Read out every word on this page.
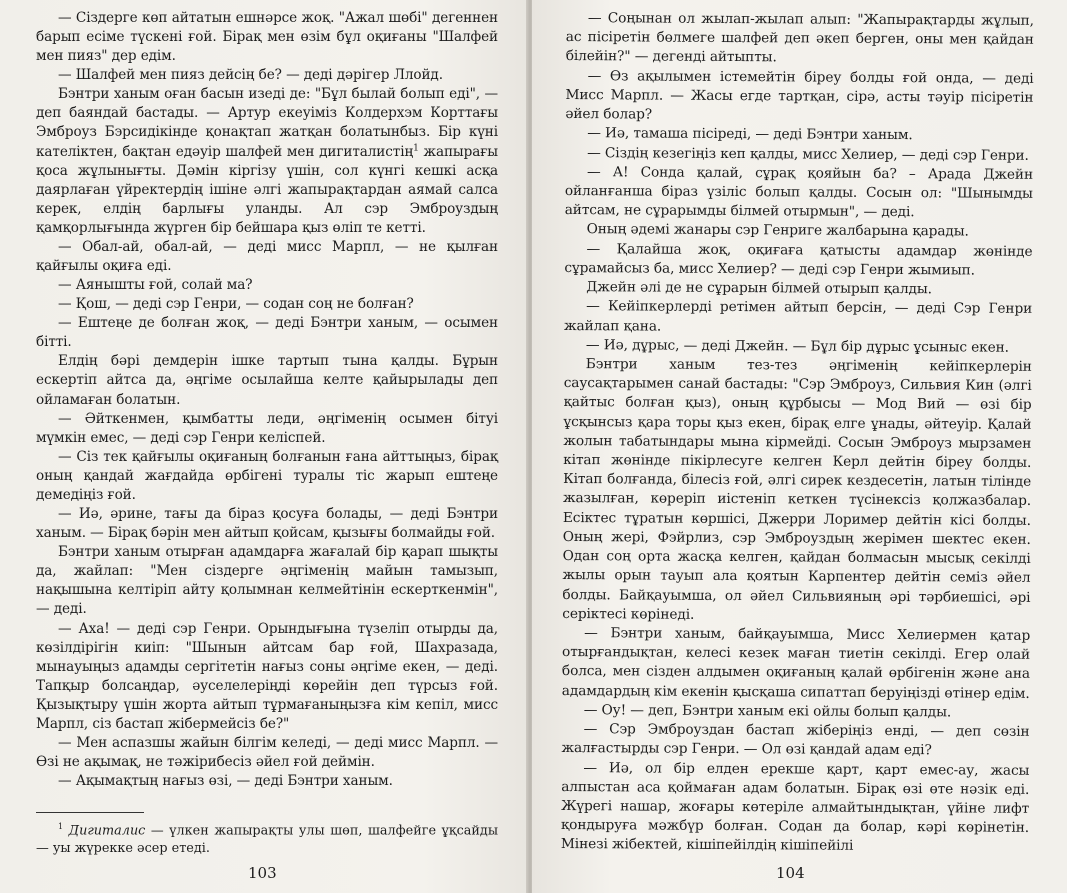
— Сіздерге көп айтатын ешнәрсе жоқ. "Ажал шөбі" дегеннен барып есіме түскені ғой. Бірақ мен өзім бұл оқиғаны "Шалфей мен пияз" дер едім.

— Шалфей мен пияз дейсің бе? — деді дәрігер Ллойд.

Бэнтри ханым оған басын изеді де: "Бұл былай болып еді", — деп баяндай бастады. — Артур екеуіміз Колдерхэм Корттағы Эмброуз Бэрсидікінде қонақтап жатқан болатынбыз. Бір күні кателіктен, бақтан едәуір шалфей мен дигиталистің$^1$ жапырағы қоса жұлынығты. Дәмін кіргізу үшін, сол күнгі кешкі асқа даярлаған үйректердің ішіне әлгі жапырақтардан аямай салса керек, елдің барлығы уланды. Ал сэр Эмброуздың қамқорлығында жүрген бір бейшара қыз өліп те кетті.

— Обал-ай, обал-ай, — деді мисс Марпл, — не қылған қайғылы оқиға еді.

— Аянышты ғой, солай ма?

— Қош, — деді сэр Генри, — содан соң не болған?

— Ештеңе де болған жоқ, — деді Бэнтри ханым, — осымен бітті.

Елдің бәрі демдерін ішке тартып тына қалды. Бұрын ескертіп айтса да, әңгіме осылайша келте қайырылады деп ойламаған болатын.

— Әйткенмен, қымбатты леди, әңгіменің осымен бітуі мүмкін емес, — деді сэр Генри келіспей.

— Сіз тек қайғылы оқиғаның болғанын ғана айттыңыз, бірақ оның қандай жағдайда өрбігені туралы тіс жарып ештеңе демедіңіз ғой.

— Иә, әрине, тағы да біраз қосуға болады, — деді Бэнтри ханым. — Бірақ бәрін мен айтып қойсам, қызығы болмайды ғой.

Бэнтри ханым отырған адамдарға жағалай бір қарап шықты да, жайлап: "Мен сіздерге әңгіменің майын тамызып, нақышына келтіріп айту қолымнан келмейтінін ескерткенмін", — деді.

— Аха! — деді сэр Генри. Орындығына түзеліп отырды да, көзілдірігін киіп: "Шынын айтсам бар ғой, Шахразада, мынауыңыз адамды сергітетін нағыз соны әңгіме екен, — деді. Тапқыр болсаңдар, әуселелеріңді көрейін деп түрсыз ғой. Қызықтыру үшін жорта айтып тұрмағаныңызға кім кепіл, мисс Марпл, сіз бастап жібермейсіз бе?"

— Мен аспазшы жайын білгім келеді, — деді мисс Марпл. — Өзі не ақымақ, не тәжірибесіз әйел ғой деймін.

— Ақымақтың нағыз өзі, — деді Бэнтри ханым.

$^1$ Дигиталис — үлкен жапырақты улы шөп, шалфейге ұқсайды — уы жүрекке әсер етеді.

103

— Соңынан ол жылап-жылап алып: "Жапырақтарды жұлып, ас пісіретін бөлмеге шалфей деп әкеп берген, оны мен қайдан білейін?" — дегенді айтыпты.

— Өз ақылымен істемейтін біреу болды ғой онда, — деді Мисс Марпл. — Жасы егде тартқан, сірә, асты тәуір пісіретін әйел болар?

— Иә, тамаша пісіреді, — деді Бэнтри ханым.

— Сіздің кезегіңіз кеп қалды, мисс Хелиер, — деді сэр Генри.

— А! Сонда қалай, сұрақ қояйын ба? – Арада Джейн ойланғанша біраз үзіліс болып қалды. Сосын ол: "Шынымды айтсам, не сұрарымды білмей отырмын", — деді.

Оның әдемі жанары сэр Генриге жалбарына қарады.

— Қалайша жоқ, оқиғаға қатысты адамдар жөнінде сұрамайсыз ба, мисс Хелиер? — деді сэр Генри жымиып.

Джейн әлі де не сұрарын білмей отырып қалды.

— Кейіпкерлерді ретімен айтып берсін, — деді Сэр Генри жайлап қана.

— Иә, дұрыс, — деді Джейн. — Бұл бір дұрыс ұсыныс екен.

Бэнтри ханым тез-тез әңгіменің кейіпкерлерін саусақтарымен санай бастады: "Сэр Эмброуз, Сильвия Кин (әлгі қайтыс болған қыз), оның құрбысы — Мод Вий — өзі бір ұсқынсыз қара торы қыз екен, бірақ елге ұнады, әйтеуір. Қалай жолын табатындары мына кірмейді. Сосын Эмброуз мырзамен кітап жөнінде пікірлесуге келген Керл дейтін біреу болды. Кітап болғанда, білесіз ғой, әлгі сирек кездесетін, латын тілінде жазылған, көреріп иістеніп кеткен түсінексіз қолжазбалар. Есіктес тұратын көршісі, Джерри Лоример дейтін кісі болды. Оның жері, Фэйрлиз, сэр Эмброуздың жерімен шектес екен. Одан соң орта жасқа келген, қайдан болмасын мысық секілді жылы орын тауып ала қоятын Карпентер дейтін семіз әйел болды. Байқауымша, ол әйел Сильвияның әрі тәрбиешісі, әрі серіктесі көрінеді.

— Бэнтри ханым, байқауымша, Мисс Хелиермен қатар отырғандықтан, келесі кезек маған тиетін секілді. Егер олай болса, мен сізден алдымен оқиғаның қалай өрбігенін және ана адамдардың кім екенін қысқаша сипаттап беруіңізді өтінер едім.

— Оу! — деп, Бэнтри ханым екі ойлы болып қалды.

— Сэр Эмброуздан бастап жіберіңіз енді, — деп сөзін жалғастырды сэр Генри. — Ол өзі қандай адам еді?

— Иә, ол бір елден ерекше қарт, қарт емес-ау, жасы алпыстан аса қоймаған адам болатын. Бірақ өзі өте нәзік еді. Жүрегі нашар, жоғары көтеріле алмайтындықтан, үйіне лифт қондыруға мәжбүр болған. Содан да болар, кәрі көрінетін. Мінезі жібектей, кішіпейілдің кішіпейілі

104
